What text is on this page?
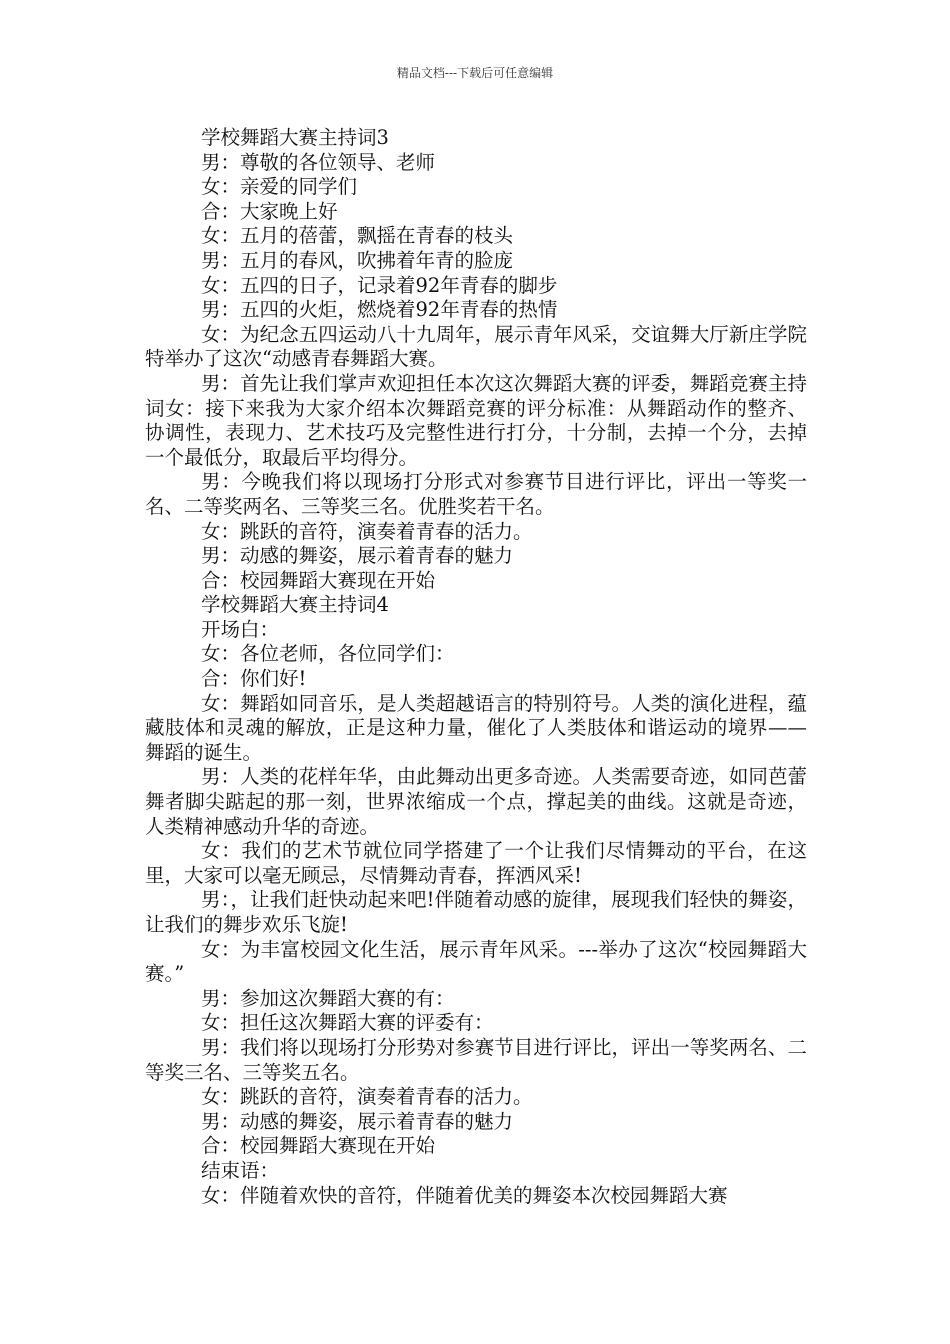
精品文档---下载后可任意编辑

学校舞蹈大赛主持词3

男：尊敬的各位领导、老师

女：亲爱的同学们

合：大家晚上好

女：五月的蓓蕾，飘摇在青春的枝头

男：五月的春风，吹拂着年青的脸庞

女：五四的日子，记录着92年青春的脚步

男：五四的火炬，燃烧着92年青春的热情

女：为纪念五四运动八十九周年，展示青年风采，交谊舞大厅新庄学院特举办了这次“动感青春舞蹈大赛。

男：首先让我们掌声欢迎担任本次这次舞蹈大赛的评委，舞蹈竞赛主持词女：接下来我为大家介绍本次舞蹈竞赛的评分标准：从舞蹈动作的整齐、协调性，表现力、艺术技巧及完整性进行打分，十分制，去掉一个分，去掉一个最低分，取最后平均得分。

男：今晚我们将以现场打分形式对参赛节目进行评比，评出一等奖一名、二等奖两名、三等奖三名。优胜奖若干名。

女：跳跃的音符，演奏着青春的活力。

男：动感的舞姿，展示着青春的魅力

合：校园舞蹈大赛现在开始

学校舞蹈大赛主持词4

开场白：

女：各位老师，各位同学们：

合：你们好!

女：舞蹈如同音乐，是人类超越语言的特别符号。人类的演化进程，蕴藏肢体和灵魂的解放，正是这种力量，催化了人类肢体和谐运动的境界——舞蹈的诞生。

男：人类的花样年华，由此舞动出更多奇迹。人类需要奇迹，如同芭蕾舞者脚尖踮起的那一刻，世界浓缩成一个点，撑起美的曲线。这就是奇迹，人类精神感动升华的奇迹。

女：我们的艺术节就位同学搭建了一个让我们尽情舞动的平台，在这里，大家可以毫无顾忌，尽情舞动青春，挥洒风采!

男：，让我们赶快动起来吧!伴随着动感的旋律，展现我们轻快的舞姿，让我们的舞步欢乐飞旋!

女：为丰富校园文化生活，展示青年风采。---举办了这次“校园舞蹈大赛。”

男：参加这次舞蹈大赛的有：

女：担任这次舞蹈大赛的评委有：

男：我们将以现场打分形势对参赛节目进行评比，评出一等奖两名、二等奖三名、三等奖五名。

女：跳跃的音符，演奏着青春的活力。

男：动感的舞姿，展示着青春的魅力

合：校园舞蹈大赛现在开始

结束语：

女：伴随着欢快的音符，伴随着优美的舞姿本次校园舞蹈大赛
